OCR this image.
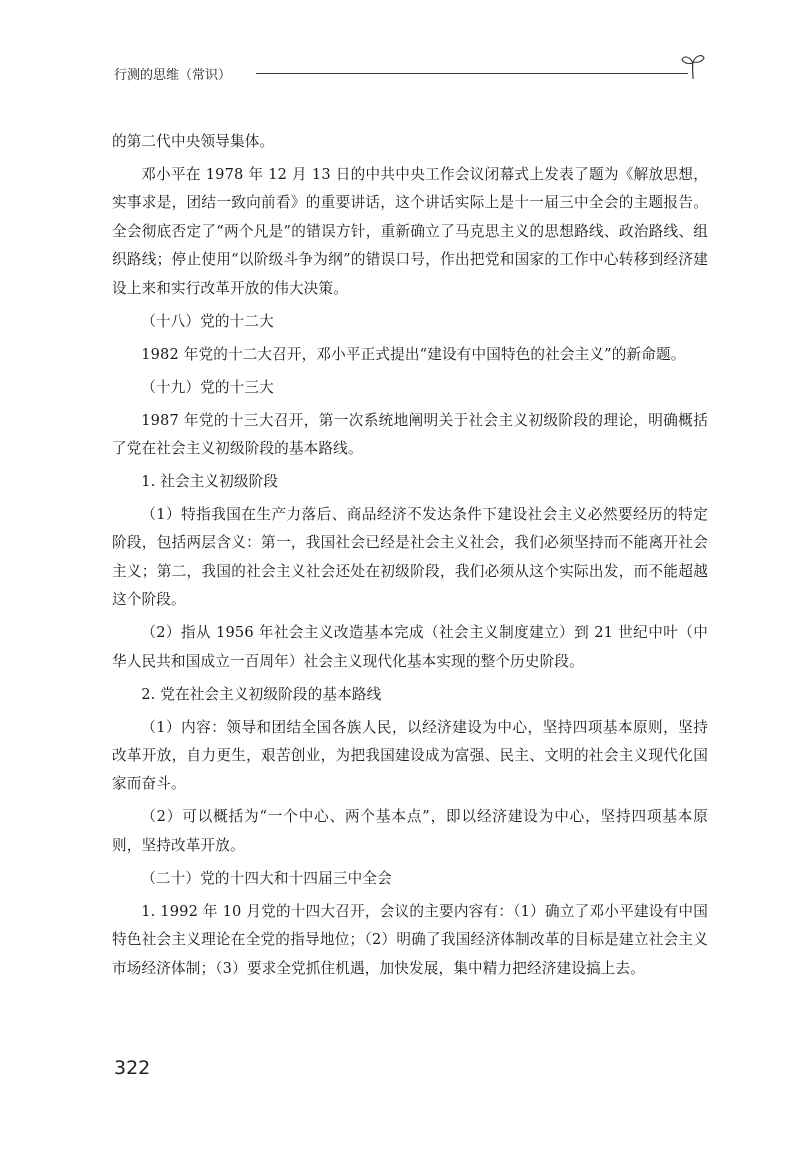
行测的思维（常识）

的第二代中央领导集体。

邓小平在 1978 年 12 月 13 日的中共中央工作会议闭幕式上发表了题为《解放思想，实事求是，团结一致向前看》的重要讲话，这个讲话实际上是十一届三中全会的主题报告。全会彻底否定了“两个凡是”的错误方针，重新确立了马克思主义的思想路线、政治路线、组织路线；停止使用“以阶级斗争为纲”的错误口号，作出把党和国家的工作中心转移到经济建设上来和实行改革开放的伟大决策。

（十八）党的十二大

1982 年党的十二大召开，邓小平正式提出“建设有中国特色的社会主义”的新命题。

（十九）党的十三大

1987 年党的十三大召开，第一次系统地阐明关于社会主义初级阶段的理论，明确概括了党在社会主义初级阶段的基本路线。

1. 社会主义初级阶段

（1）特指我国在生产力落后、商品经济不发达条件下建设社会主义必然要经历的特定阶段，包括两层含义：第一，我国社会已经是社会主义社会，我们必须坚持而不能离开社会主义；第二，我国的社会主义社会还处在初级阶段，我们必须从这个实际出发，而不能超越这个阶段。

（2）指从 1956 年社会主义改造基本完成（社会主义制度建立）到 21 世纪中叶（中华人民共和国成立一百周年）社会主义现代化基本实现的整个历史阶段。

2. 党在社会主义初级阶段的基本路线

（1）内容：领导和团结全国各族人民，以经济建设为中心，坚持四项基本原则，坚持改革开放，自力更生，艰苦创业，为把我国建设成为富强、民主、文明的社会主义现代化国家而奋斗。

（2）可以概括为“一个中心、两个基本点”，即以经济建设为中心，坚持四项基本原则，坚持改革开放。

（二十）党的十四大和十四届三中全会

1. 1992 年 10 月党的十四大召开，会议的主要内容有：（1）确立了邓小平建设有中国特色社会主义理论在全党的指导地位；（2）明确了我国经济体制改革的目标是建立社会主义市场经济体制；（3）要求全党抓住机遇，加快发展，集中精力把经济建设搞上去。

322
